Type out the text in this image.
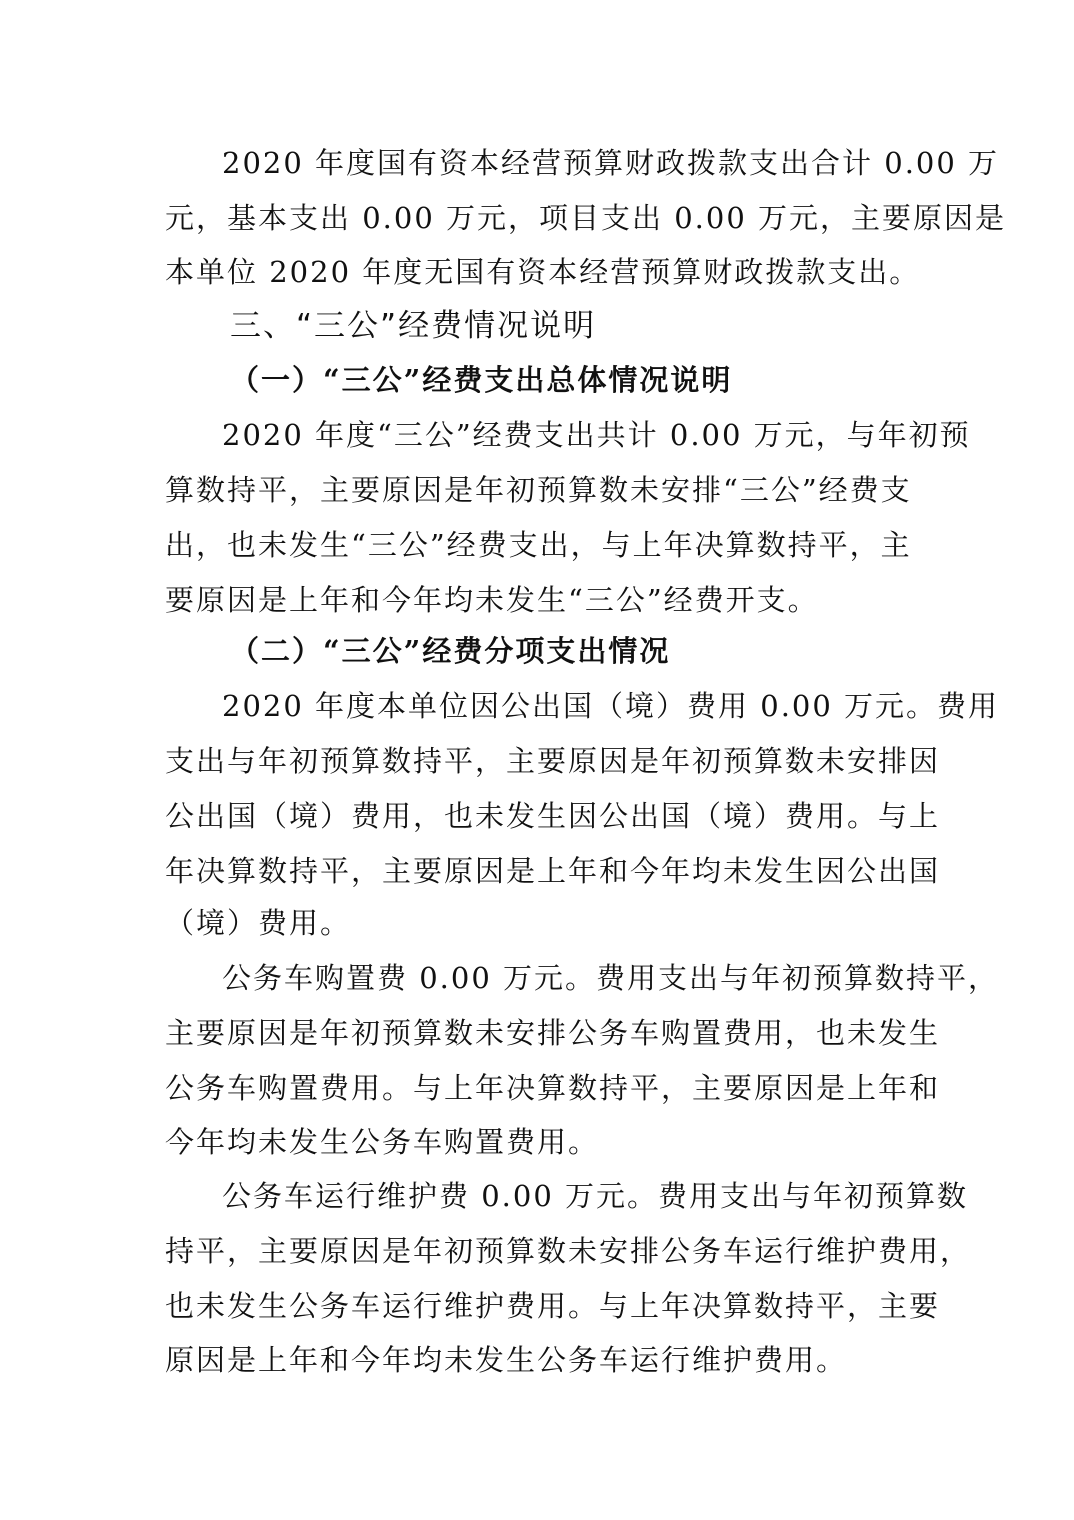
2020 年度国有资本经营预算财政拨款支出合计 0.00 万
元，基本支出 0.00 万元，项目支出 0.00 万元，主要原因是
本单位 2020 年度无国有资本经营预算财政拨款支出。
三、“三公”经费情况说明
（一）“三公”经费支出总体情况说明
2020 年度“三公”经费支出共计 0.00 万元，与年初预
算数持平，主要原因是年初预算数未安排“三公”经费支
出，也未发生“三公”经费支出，与上年决算数持平，主
要原因是上年和今年均未发生“三公”经费开支。
（二）“三公”经费分项支出情况
2020 年度本单位因公出国（境）费用 0.00 万元。费用
支出与年初预算数持平，主要原因是年初预算数未安排因
公出国（境）费用，也未发生因公出国（境）费用。与上
年决算数持平，主要原因是上年和今年均未发生因公出国
（境）费用。
公务车购置费 0.00 万元。费用支出与年初预算数持平，
主要原因是年初预算数未安排公务车购置费用，也未发生
公务车购置费用。与上年决算数持平，主要原因是上年和
今年均未发生公务车购置费用。
公务车运行维护费 0.00 万元。费用支出与年初预算数
持平，主要原因是年初预算数未安排公务车运行维护费用，
也未发生公务车运行维护费用。与上年决算数持平，主要
原因是上年和今年均未发生公务车运行维护费用。
